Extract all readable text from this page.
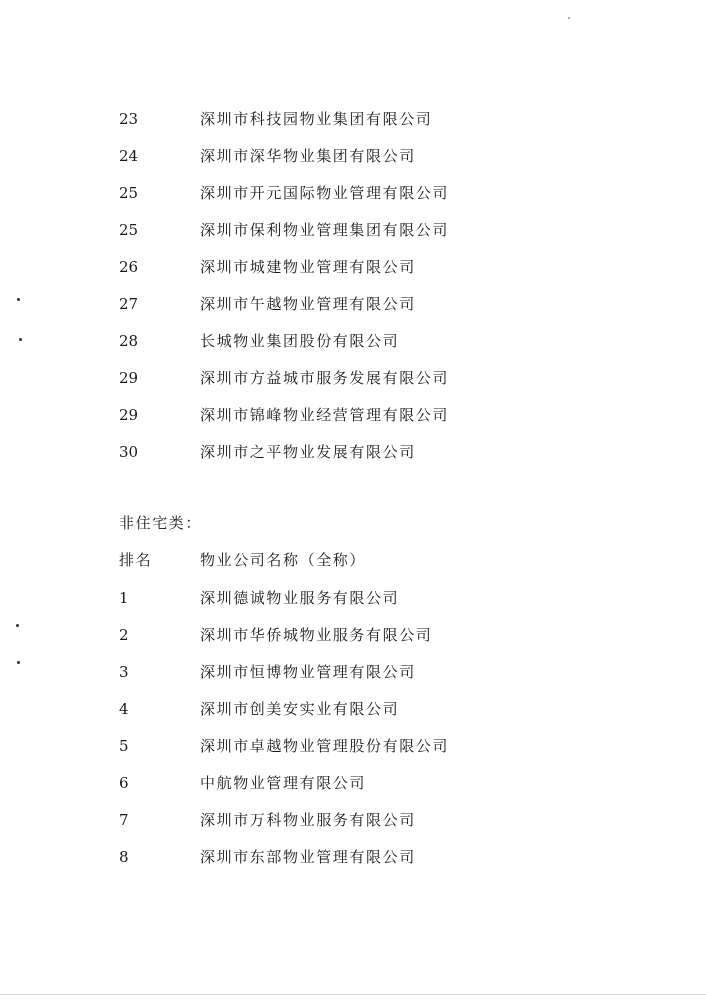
23	深圳市科技园物业集团有限公司
24	深圳市深华物业集团有限公司
25	深圳市开元国际物业管理有限公司
25	深圳市保利物业管理集团有限公司
26	深圳市城建物业管理有限公司
27	深圳市午越物业管理有限公司
28	长城物业集团股份有限公司
29	深圳市方益城市服务发展有限公司
29	深圳市锦峰物业经营管理有限公司
30	深圳市之平物业发展有限公司
非住宅类：
排名	物业公司名称（全称）
1	深圳德诚物业服务有限公司
2	深圳市华侨城物业服务有限公司
3	深圳市恒博物业管理有限公司
4	深圳市创美安实业有限公司
5	深圳市卓越物业管理股份有限公司
6	中航物业管理有限公司
7	深圳市万科物业服务有限公司
8	深圳市东部物业管理有限公司
